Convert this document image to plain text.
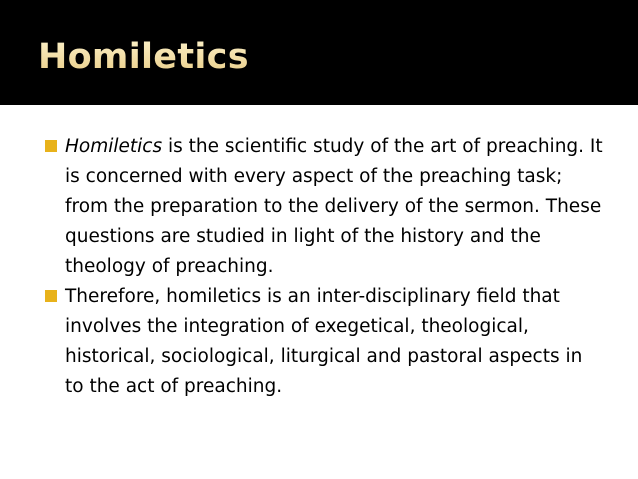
Homiletics
Homiletics is the scientific study of the art of preaching. It is concerned with every aspect of the preaching task; from the preparation to the delivery of the sermon. These questions are studied in light of the history and the theology of preaching.
Therefore, homiletics is an inter-disciplinary field that involves the integration of exegetical, theological, historical, sociological, liturgical and pastoral aspects in to the act of preaching.
